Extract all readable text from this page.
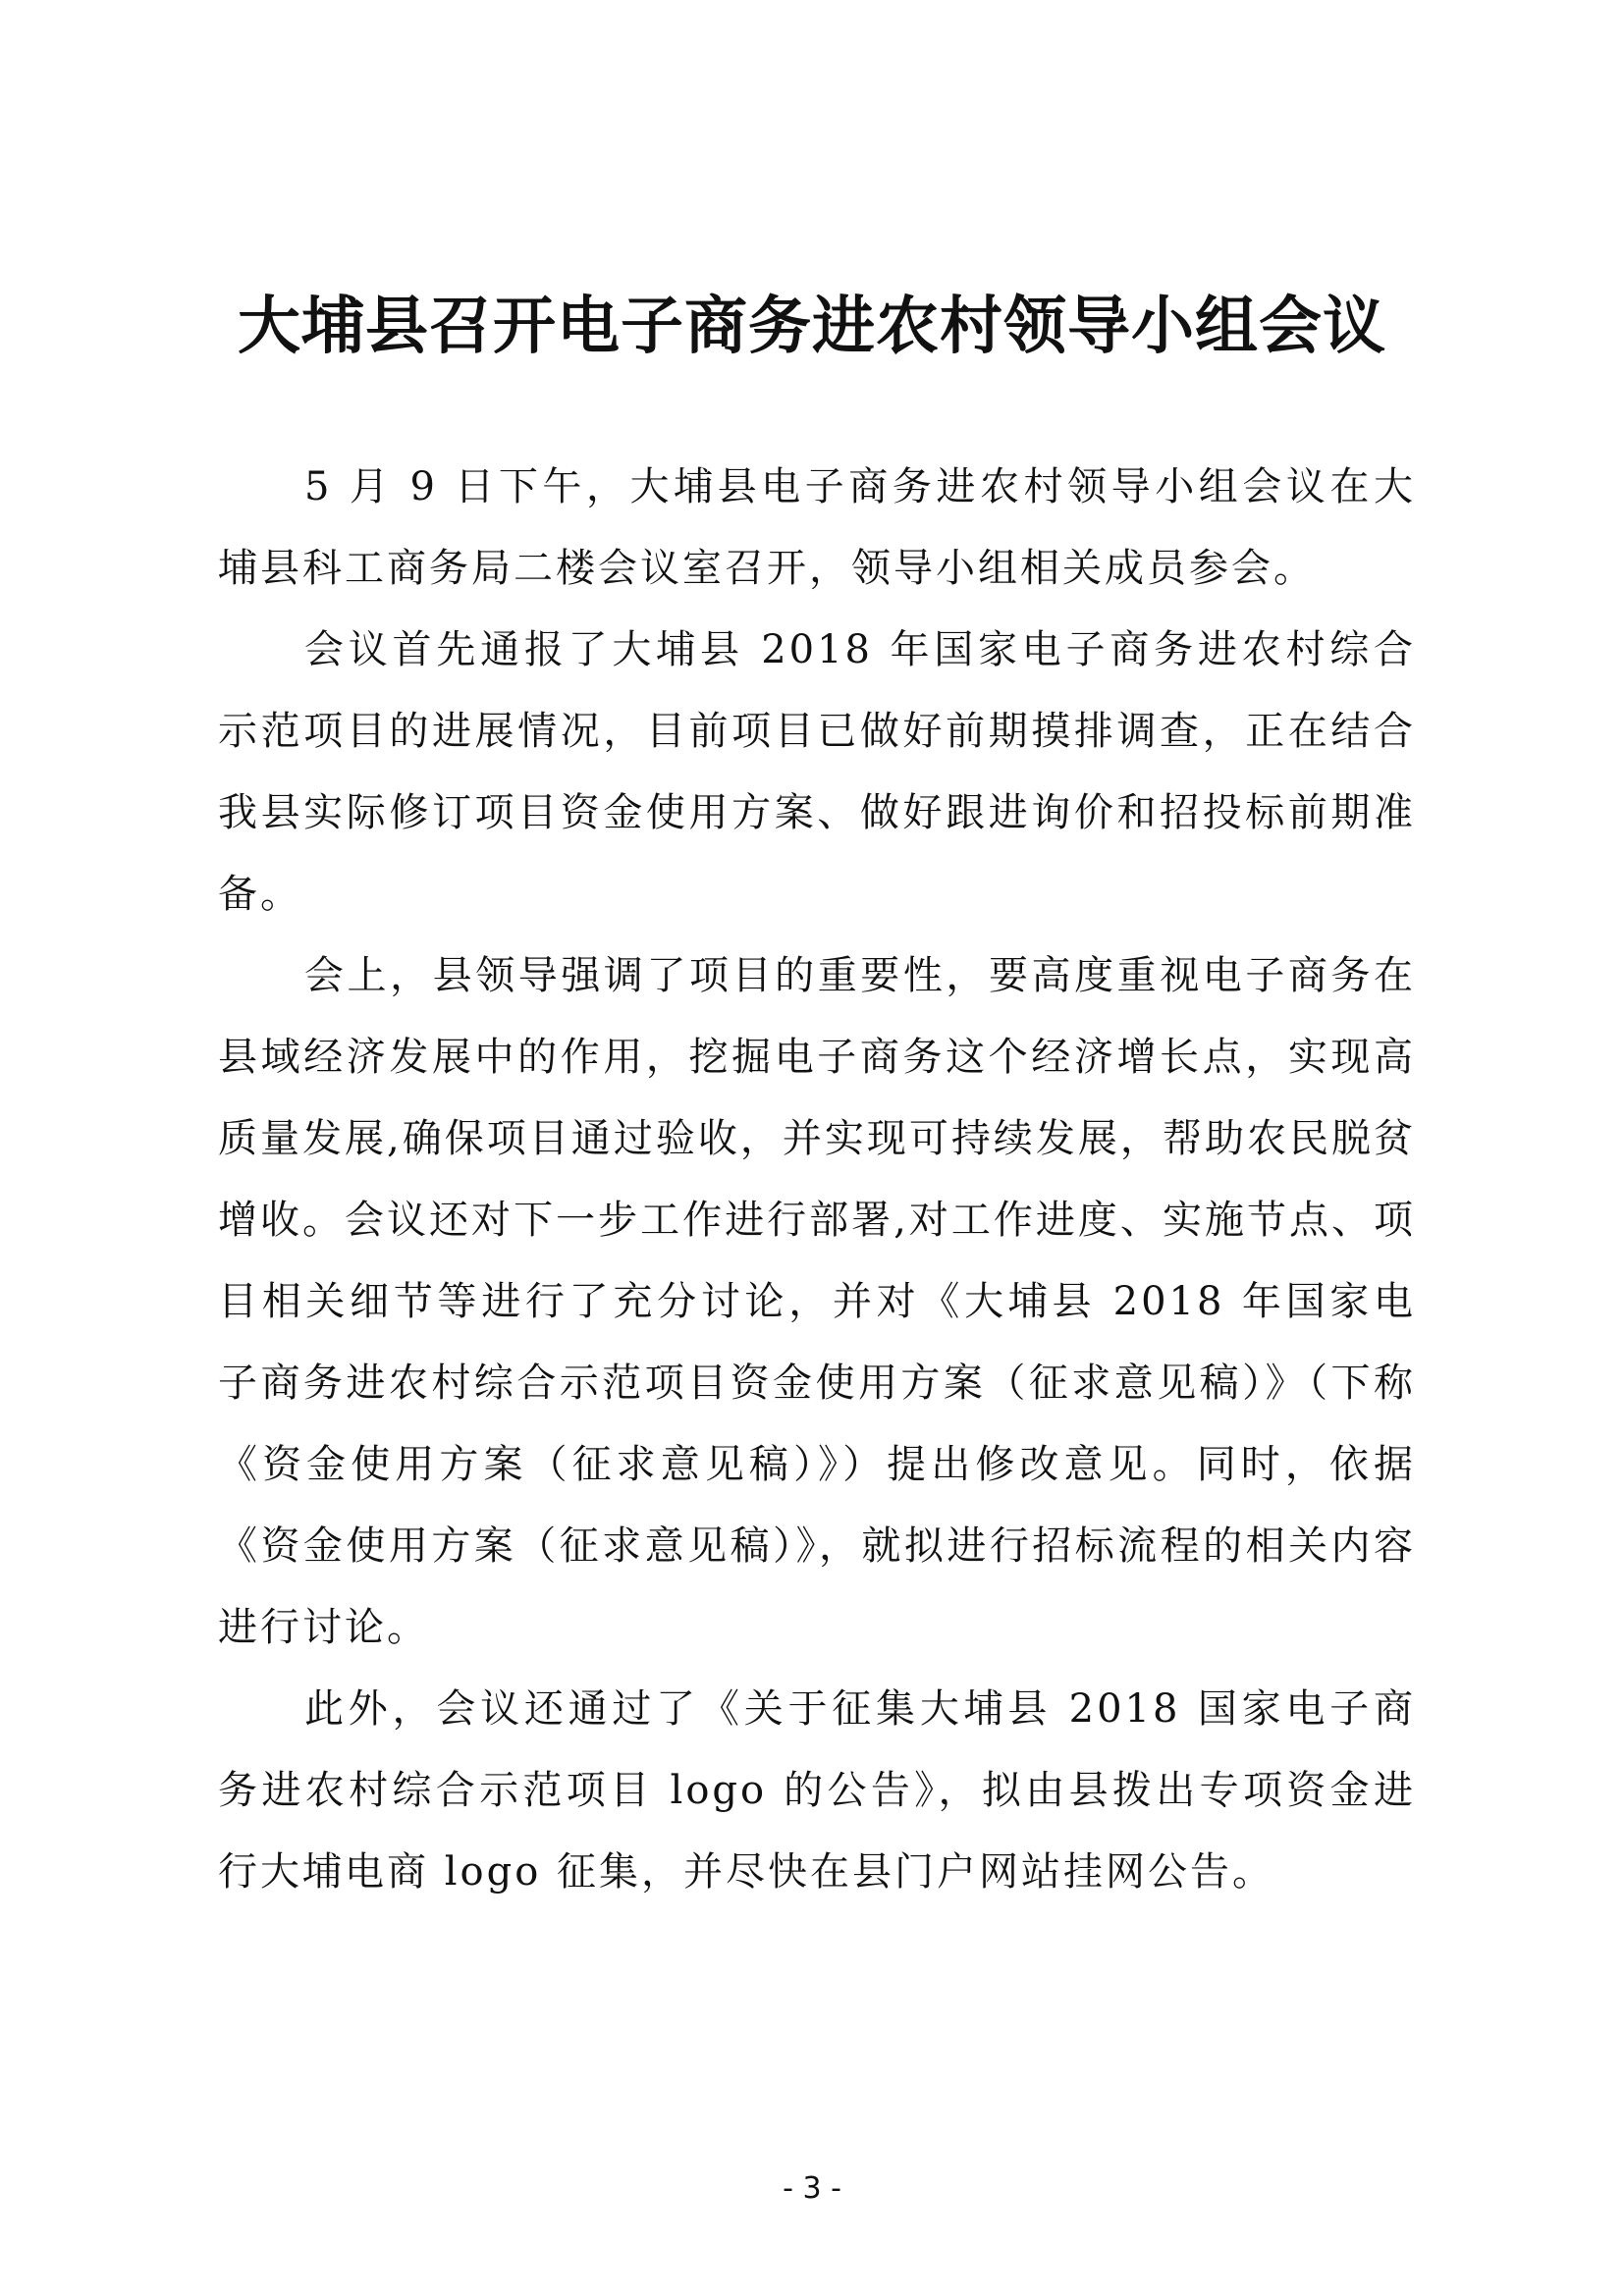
大埔县召开电子商务进农村领导小组会议

5 月 9 日下午，大埔县电子商务进农村领导小组会议在大埔县科工商务局二楼会议室召开，领导小组相关成员参会。

会议首先通报了大埔县 2018 年国家电子商务进农村综合示范项目的进展情况，目前项目已做好前期摸排调查，正在结合我县实际修订项目资金使用方案、做好跟进询价和招投标前期准备。

会上，县领导强调了项目的重要性，要高度重视电子商务在县域经济发展中的作用，挖掘电子商务这个经济增长点，实现高质量发展,确保项目通过验收，并实现可持续发展，帮助农民脱贫增收。会议还对下一步工作进行部署,对工作进度、实施节点、项目相关细节等进行了充分讨论，并对《大埔县 2018 年国家电子商务进农村综合示范项目资金使用方案（征求意见稿）》（下称《资金使用方案（征求意见稿）》）提出修改意见。同时，依据《资金使用方案（征求意见稿）》，就拟进行招标流程的相关内容进行讨论。

此外，会议还通过了《关于征集大埔县 2018 国家电子商务进农村综合示范项目 logo 的公告》，拟由县拨出专项资金进行大埔电商 logo 征集，并尽快在县门户网站挂网公告。

- 3 -
